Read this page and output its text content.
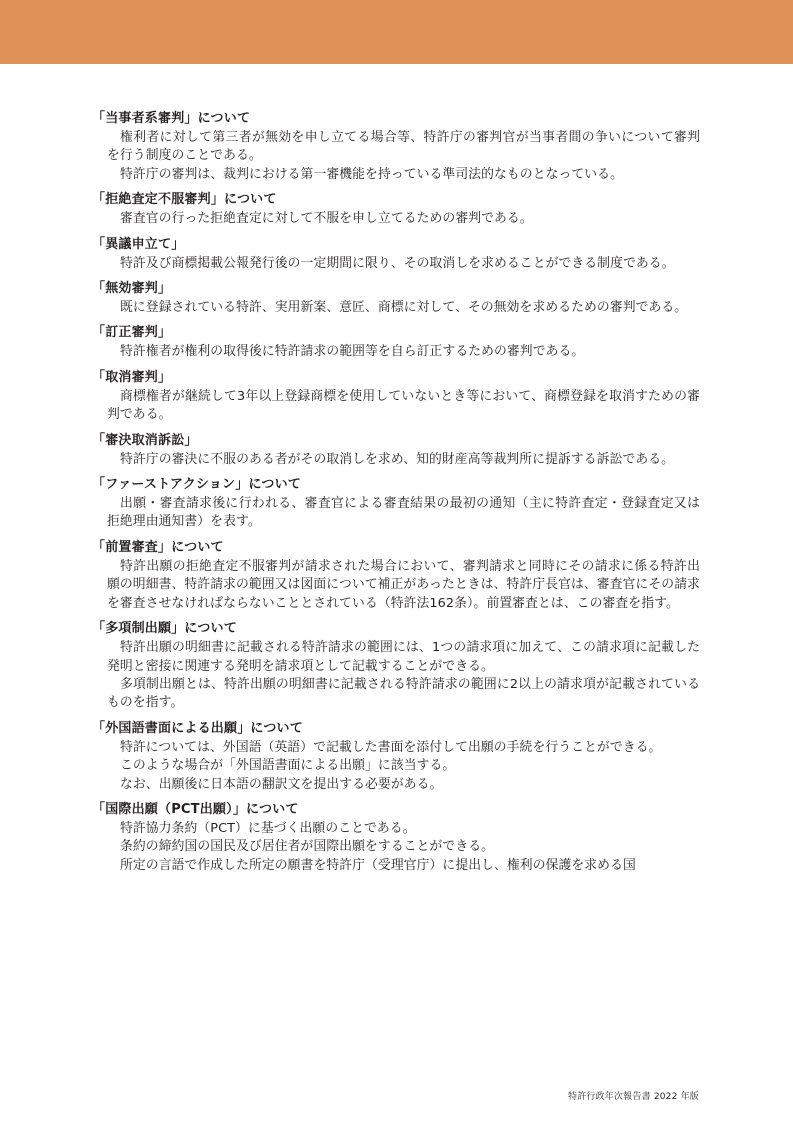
「当事者系審判」について

権利者に対して第三者が無効を申し立てる場合等、特許庁の審判官が当事者間の争いについて審判を行う制度のことである。

特許庁の審判は、裁判における第一審機能を持っている準司法的なものとなっている。

「拒絶査定不服審判」について

審査官の行った拒絶査定に対して不服を申し立てるための審判である。

「異議申立て」

特許及び商標掲載公報発行後の一定期間に限り、その取消しを求めることができる制度である。

「無効審判」

既に登録されている特許、実用新案、意匠、商標に対して、その無効を求めるための審判である。

「訂正審判」

特許権者が権利の取得後に特許請求の範囲等を自ら訂正するための審判である。

「取消審判」

商標権者が継続して3年以上登録商標を使用していないとき等において、商標登録を取消すための審判である。

「審決取消訴訟」

特許庁の審決に不服のある者がその取消しを求め、知的財産高等裁判所に提訴する訴訟である。

「ファーストアクション」について

出願・審査請求後に行われる、審査官による審査結果の最初の通知（主に特許査定・登録査定又は拒絶理由通知書）を表す。

「前置審査」について

特許出願の拒絶査定不服審判が請求された場合において、審判請求と同時にその請求に係る特許出願の明細書、特許請求の範囲又は図面について補正があったときは、特許庁長官は、審査官にその請求を審査させなければならないこととされている（特許法162条）。前置審査とは、この審査を指す。

「多項制出願」について

特許出願の明細書に記載される特許請求の範囲には、1つの請求項に加えて、この請求項に記載した発明と密接に関連する発明を請求項として記載することができる。

多項制出願とは、特許出願の明細書に記載される特許請求の範囲に2以上の請求項が記載されているものを指す。

「外国語書面による出願」について

特許については、外国語（英語）で記載した書面を添付して出願の手続を行うことができる。

このような場合が「外国語書面による出願」に該当する。

なお、出願後に日本語の翻訳文を提出する必要がある。

「国際出願（PCT出願）」について

特許協力条約（PCT）に基づく出願のことである。

条約の締約国の国民及び居住者が国際出願をすることができる。

所定の言語で作成した所定の願書を特許庁（受理官庁）に提出し、権利の保護を求める国

特許行政年次報告書 2022 年版
